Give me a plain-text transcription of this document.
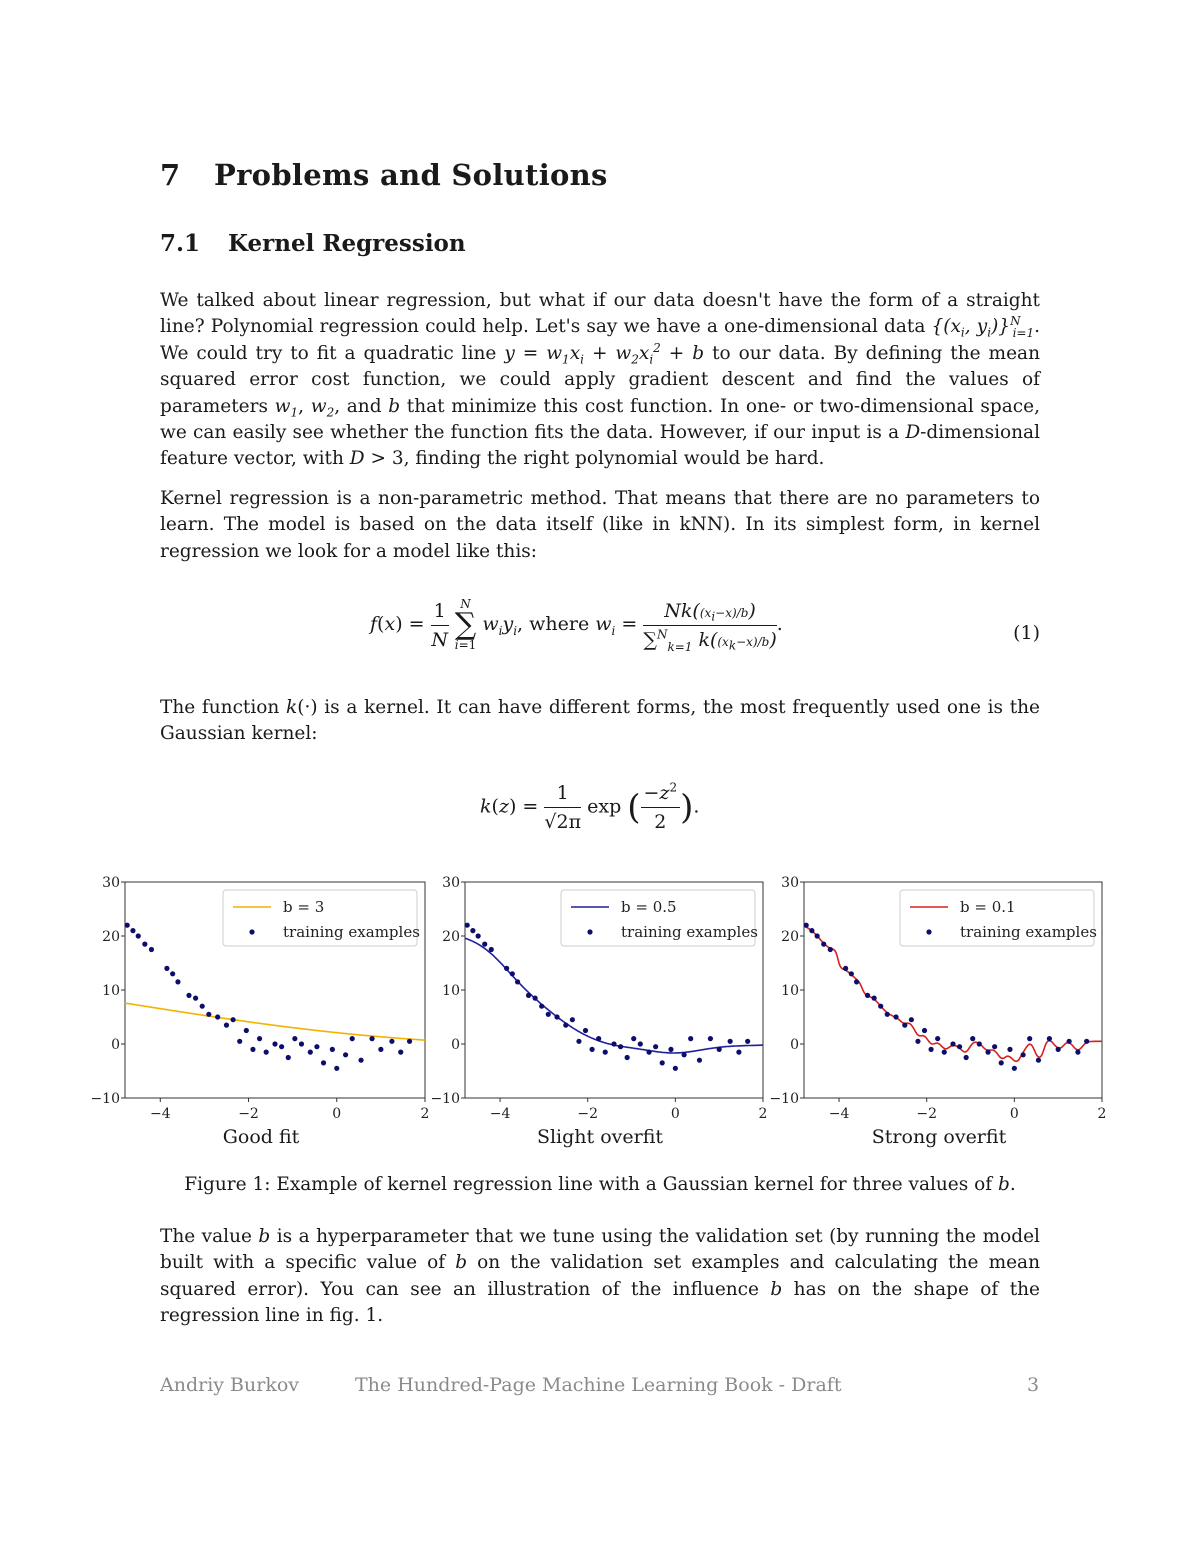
7 Problems and Solutions
7.1 Kernel Regression

We talked about linear regression, but what if our data doesn't have the form of a straight line? Polynomial regression could help. Let's say we have a one-dimensional data {($x_i$, $y_i)\}^N_{i=1}$. We could try to fit a quadratic line $y = w_1x_i + w_2x_i^2 + b$ to our data. By defining the mean squared error cost function, we could apply gradient descent and find the values of parameters $w_1$, $w_2$, and b that minimize this cost function. In one- or two-dimensional space, we can easily see whether the function fits the data. However, if our input is a D-dimensional feature vector, with D > 3, finding the right polynomial would be hard.

Kernel regression is a non-parametric method. That means that there are no parameters to learn. The model is based on the data itself (like in kNN). In its simplest form, in kernel regression we look for a model like this:

$f(x) = \frac{1}{N}$ N
∑
i=1 $w_iy_i$, where $w_i = \frac{Nk((x_i-x)/b)}{\sum^N_{k=1} k((x_k-x)/b)}$ .	(1)

The function k(·) is a kernel. It can have different forms, the most frequently used one is the Gaussian kernel:

$k(z) = \frac{1}{√2\pi}$ exp ( $\frac{-z^2}{2}$ ).
30
20
10
0
−10
−4	−2	0	2
b = 3
training examples
30
20
10
0
−10
−4	−2	0	2
b = 0.5
training examples
30
20
10
0
−10
−4	−2	0	2
b = 0.1
training examples
Good fit	Slight overfit	Strong overfit
Figure 1: Example of kernel regression line with a Gaussian kernel for three values of b.

The value b is a hyperparameter that we tune using the validation set (by running the model built with a specific value of b on the validation set examples and calculating the mean squared error). You can see an illustration of the influence b has on the shape of the regression line in fig. 1.

Andriy Burkov	The Hundred-Page Machine Learning Book - Draft	3
